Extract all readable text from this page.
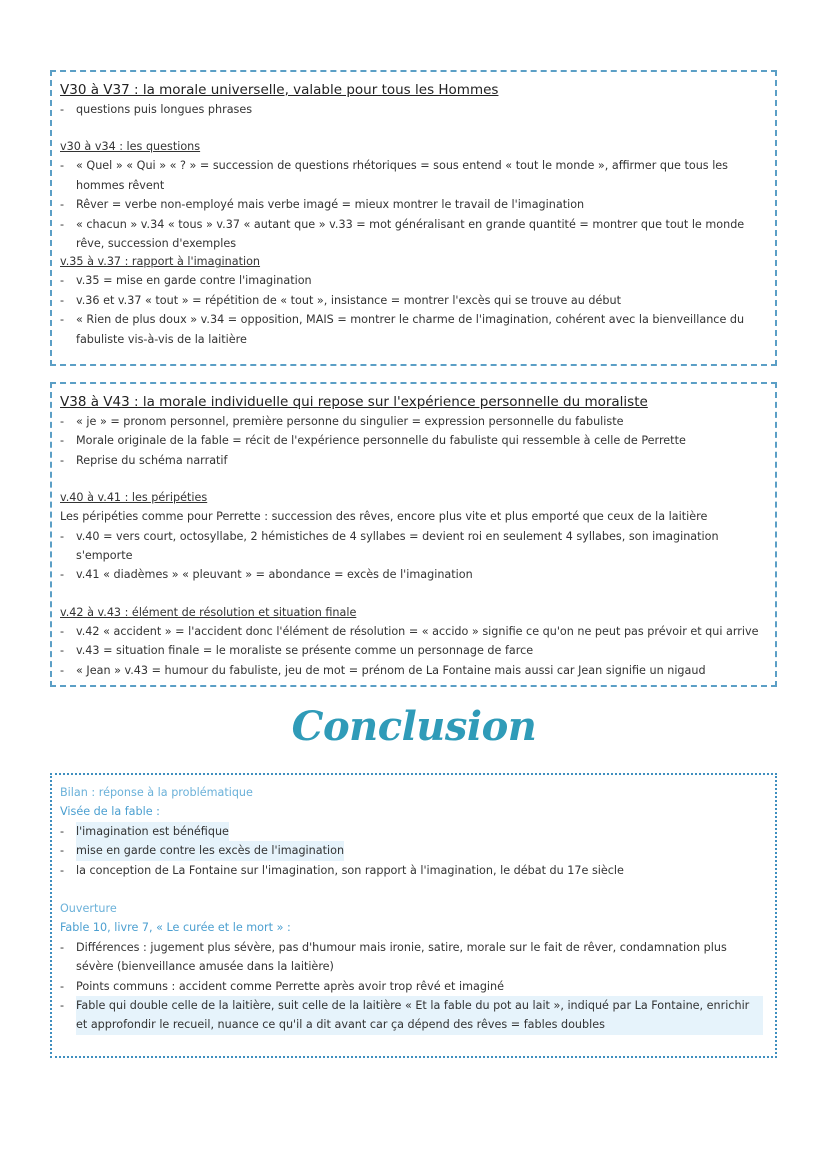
V30 à V37 : la morale universelle, valable pour tous les Hommes
-	questions puis longues phrases
v30 à v34 : les questions
-	« Quel » « Qui » « ? » = succession de questions rhétoriques = sous entend « tout le monde », affirmer que tous les hommes rêvent
-	Rêver = verbe non-employé mais verbe imagé = mieux montrer le travail de l'imagination
-	« chacun » v.34 « tous » v.37 « autant que » v.33 = mot généralisant en grande quantité = montrer que tout le monde rêve, succession d'exemples
v.35 à v.37 : rapport à l'imagination
-	v.35 = mise en garde contre l'imagination
-	v.36 et v.37 « tout » = répétition de « tout », insistance = montrer l'excès qui se trouve au début
-	« Rien de plus doux » v.34 = opposition, MAIS = montrer le charme de l'imagination, cohérent avec la bienveillance du fabuliste vis-à-vis de la laitière
V38 à V43 : la morale individuelle qui repose sur l'expérience personnelle du moraliste
-	« je » = pronom personnel, première personne du singulier = expression personnelle du fabuliste
-	Morale originale de la fable = récit de l'expérience personnelle du fabuliste qui ressemble à celle de Perrette
-	Reprise du schéma narratif
v.40 à v.41 : les péripéties
Les péripéties comme pour Perrette : succession des rêves, encore plus vite et plus emporté que ceux de la laitière
-	v.40 = vers court, octosyllabe, 2 hémistiches de 4 syllabes = devient roi en seulement 4 syllabes, son imagination s'emporte
-	v.41 « diadèmes » « pleuvant » = abondance = excès de l'imagination
v.42 à v.43 : élément de résolution et situation finale
-	v.42 « accident » = l'accident donc l'élément de résolution = « accido » signifie ce qu'on ne peut pas prévoir et qui arrive
-	v.43 = situation finale = le moraliste se présente comme un personnage de farce
-	« Jean » v.43 = humour du fabuliste, jeu de mot = prénom de La Fontaine mais aussi car Jean signifie un nigaud
Conclusion
Bilan : réponse à la problématique
Visée de la fable :
-	l'imagination est bénéfique
-	mise en garde contre les excès de l'imagination
-	la conception de La Fontaine sur l'imagination, son rapport à l'imagination, le débat du 17e siècle
Ouverture
Fable 10, livre 7, « Le curée et le mort » :
-	Différences : jugement plus sévère, pas d'humour mais ironie, satire, morale sur le fait de rêver, condamnation plus sévère (bienveillance amusée dans la laitière)
-	Points communs : accident comme Perrette après avoir trop rêvé et imaginé
-	Fable qui double celle de la laitière, suit celle de la laitière « Et la fable du pot au lait », indiqué par La Fontaine, enrichir et approfondir le recueil, nuance ce qu'il a dit avant car ça dépend des rêves = fables doubles
